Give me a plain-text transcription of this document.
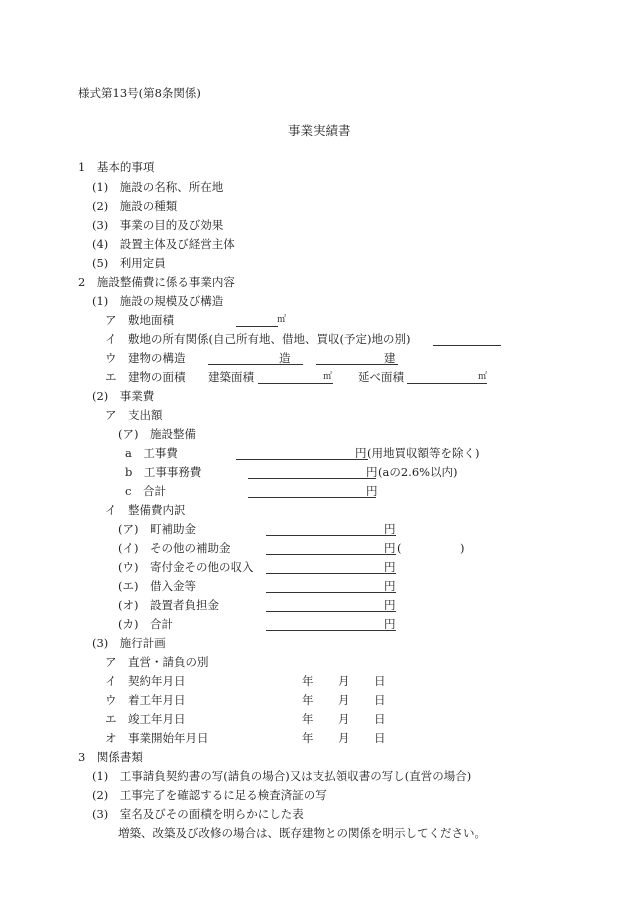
様式第13号(第8条関係)
事業実績書
1　基本的事項
(1)　施設の名称、所在地
(2)　施設の種類
(3)　事業の目的及び効果
(4)　設置主体及び経営主体
(5)　利用定員
2　施設整備費に係る事業内容
(1)　施設の規模及び構造
ア　敷地面積	㎡
イ　敷地の所有関係(自己所有地、借地、買収(予定)地の別)
ウ　建物の構造	造	建
エ　建物の面積 建築面積	㎡ 延べ面積	㎡
(2)　事業費
ア　支出額
(ア)　施設整備
a　工事費	円 (用地買収額等を除く)
b　工事事務費	円 (aの2.6%以内)
c　合計	円
イ　整備費内訳
(ア)　町補助金	円
(イ)　その他の補助金	円 (	)
(ウ)　寄付金その他の収入	円
(エ)　借入金等	円
(オ)　設置者負担金	円
(カ)　合計	円
(3)　施行計画
ア　直営・請負の別
イ　契約年月日	年 月 日
ウ　着工年月日	年 月 日
エ　竣工年月日	年 月 日
オ　事業開始年月日	年 月 日
3　関係書類
(1)　工事請負契約書の写(請負の場合)又は支払領収書の写し(直営の場合)
(2)　工事完了を確認するに足る検査済証の写
(3)　室名及びその面積を明らかにした表
増築、改築及び改修の場合は、既存建物との関係を明示してください。
